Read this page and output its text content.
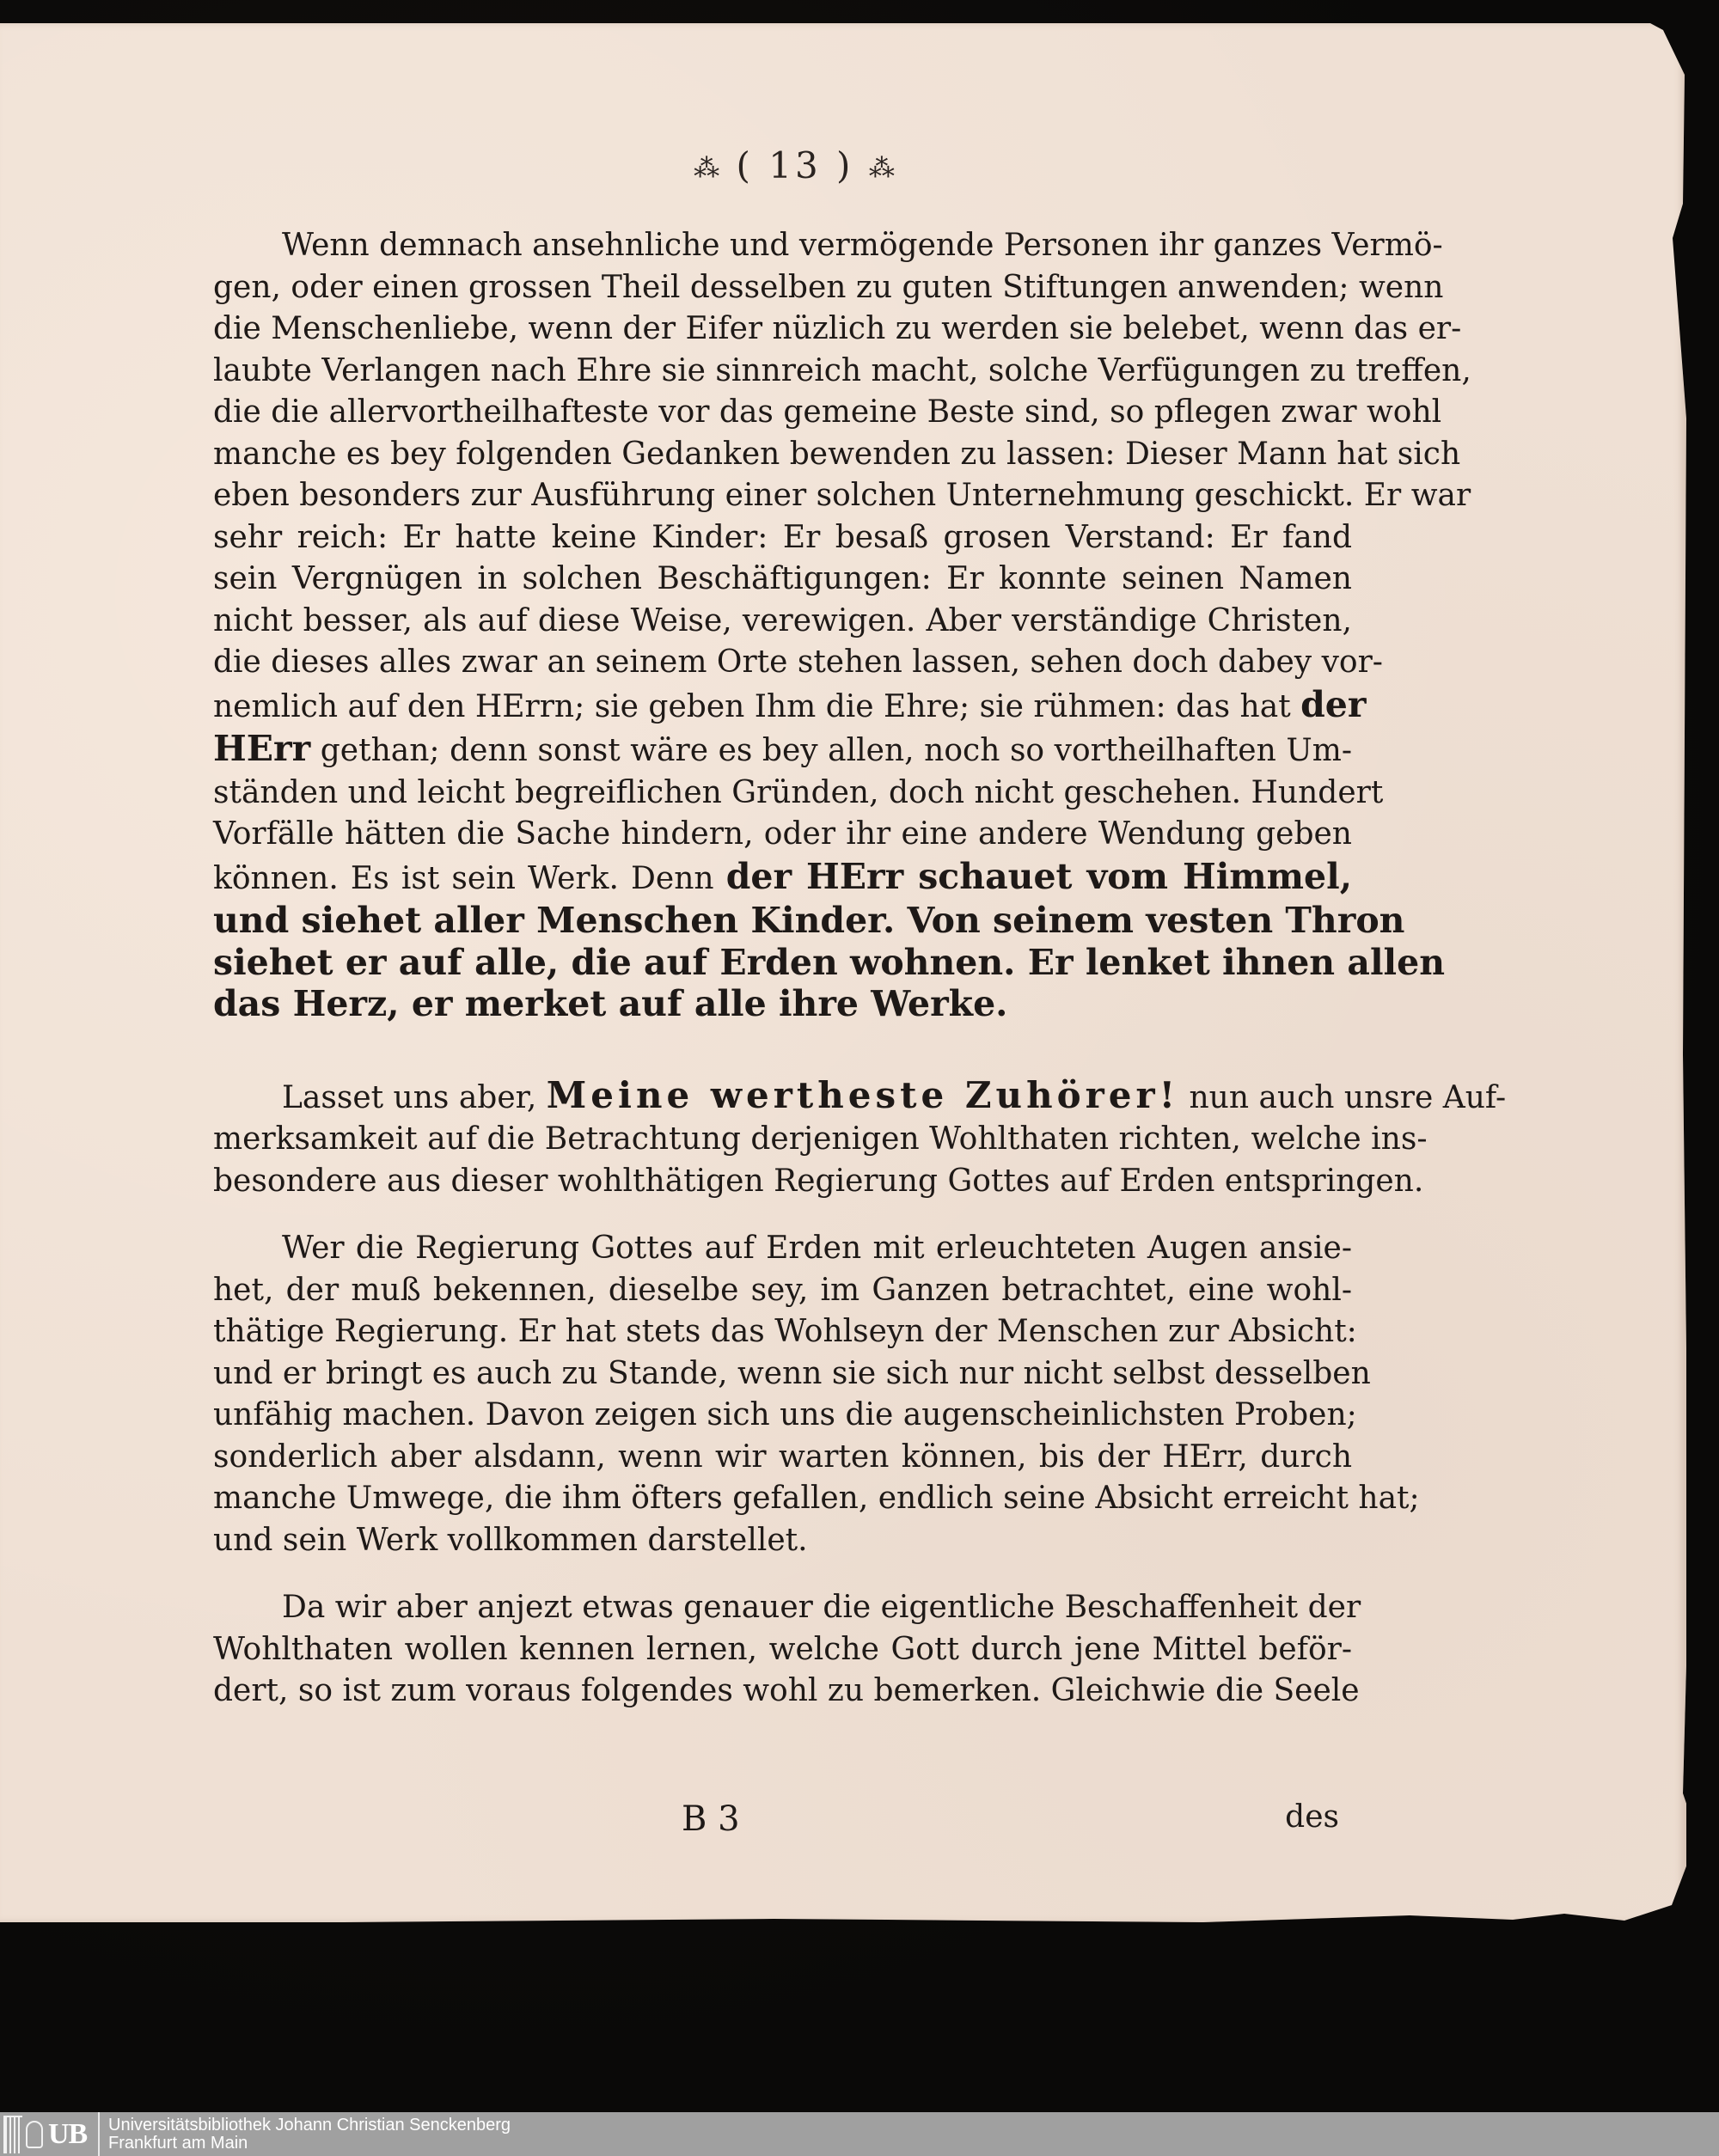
⁂ ( 13 ) ⁂
Wenn demnach ansehnliche und vermögende Personen ihr ganzes Vermö-
gen, oder einen grossen Theil desselben zu guten Stiftungen anwenden; wenn
die Menschenliebe, wenn der Eifer nüzlich zu werden sie belebet, wenn das er-
laubte Verlangen nach Ehre sie sinnreich macht, solche Verfügungen zu treffen,
die die allervortheilhafteste vor das gemeine Beste sind, so pflegen zwar wohl
manche es bey folgenden Gedanken bewenden zu lassen: Dieser Mann hat sich
eben besonders zur Ausführung einer solchen Unternehmung geschickt. Er war
sehr reich: Er hatte keine Kinder: Er besaß grosen Verstand: Er fand
sein Vergnügen in solchen Beschäftigungen: Er konnte seinen Namen
nicht besser, als auf diese Weise, verewigen. Aber verständige Christen,
die dieses alles zwar an seinem Orte stehen lassen, sehen doch dabey vor-
nemlich auf den HErrn; sie geben Ihm die Ehre; sie rühmen: das hat der
HErr gethan; denn sonst wäre es bey allen, noch so vortheilhaften Um-
ständen und leicht begreiflichen Gründen, doch nicht geschehen. Hundert
Vorfälle hätten die Sache hindern, oder ihr eine andere Wendung geben
können. Es ist sein Werk. Denn der HErr schauet vom Himmel,
und siehet aller Menschen Kinder. Von seinem vesten Thron
siehet er auf alle, die auf Erden wohnen. Er lenket ihnen allen
das Herz, er merket auf alle ihre Werke.
Lasset uns aber, Meine wertheste Zuhörer! nun auch unsre Auf-
merksamkeit auf die Betrachtung derjenigen Wohlthaten richten, welche ins-
besondere aus dieser wohlthätigen Regierung Gottes auf Erden entspringen.
Wer die Regierung Gottes auf Erden mit erleuchteten Augen ansie-
het, der muß bekennen, dieselbe sey, im Ganzen betrachtet, eine wohl-
thätige Regierung. Er hat stets das Wohlseyn der Menschen zur Absicht:
und er bringt es auch zu Stande, wenn sie sich nur nicht selbst desselben
unfähig machen. Davon zeigen sich uns die augenscheinlichsten Proben;
sonderlich aber alsdann, wenn wir warten können, bis der HErr, durch
manche Umwege, die ihm öfters gefallen, endlich seine Absicht erreicht hat;
und sein Werk vollkommen darstellet.
Da wir aber anjezt etwas genauer die eigentliche Beschaffenheit der
Wohlthaten wollen kennen lernen, welche Gott durch jene Mittel beför-
dert, so ist zum voraus folgendes wohl zu bemerken. Gleichwie die Seele
B 3	des
UB Universitätsbibliothek Johann Christian Senckenberg
Frankfurt am Main
